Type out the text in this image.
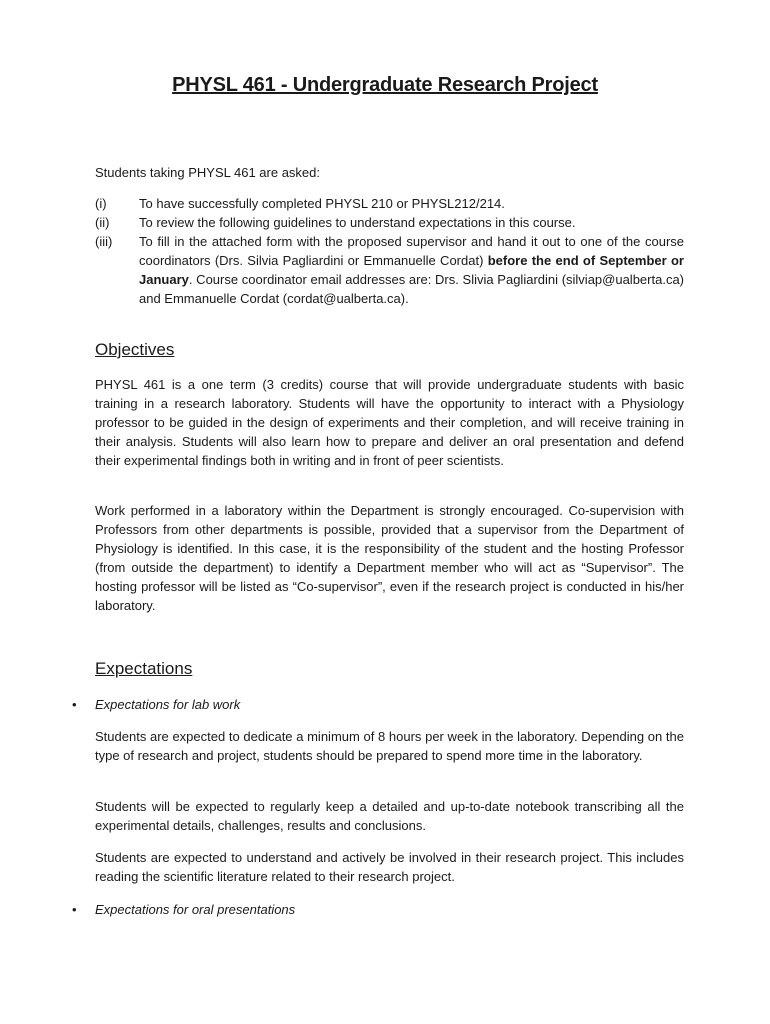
PHYSL 461 - Undergraduate Research Project

Students taking PHYSL 461 are asked:

(i)	To have successfully completed PHYSL 210 or PHYSL212/214.
(ii)	To review the following guidelines to understand expectations in this course.
(iii)	To fill in the attached form with the proposed supervisor and hand it out to one of the course coordinators (Drs. Silvia Pagliardini or Emmanuelle Cordat) before the end of September or January. Course coordinator email addresses are: Drs. Slivia Pagliardini (silviap@ualberta.ca) and Emmanuelle Cordat (cordat@ualberta.ca).
Objectives

PHYSL 461 is a one term (3 credits) course that will provide undergraduate students with basic training in a research laboratory. Students will have the opportunity to interact with a Physiology professor to be guided in the design of experiments and their completion, and will receive training in their analysis. Students will also learn how to prepare and deliver an oral presentation and defend their experimental findings both in writing and in front of peer scientists.

Work performed in a laboratory within the Department is strongly encouraged. Co-supervision with Professors from other departments is possible, provided that a supervisor from the Department of Physiology is identified. In this case, it is the responsibility of the student and the hosting Professor (from outside the department) to identify a Department member who will act as “Supervisor”. The hosting professor will be listed as “Co-supervisor”, even if the research project is conducted in his/her laboratory.

Expectations
•	Expectations for lab work

Students are expected to dedicate a minimum of 8 hours per week in the laboratory. Depending on the type of research and project, students should be prepared to spend more time in the laboratory.

Students will be expected to regularly keep a detailed and up-to-date notebook transcribing all the experimental details, challenges, results and conclusions.

Students are expected to understand and actively be involved in their research project. This includes reading the scientific literature related to their research project.

•	Expectations for oral presentations
